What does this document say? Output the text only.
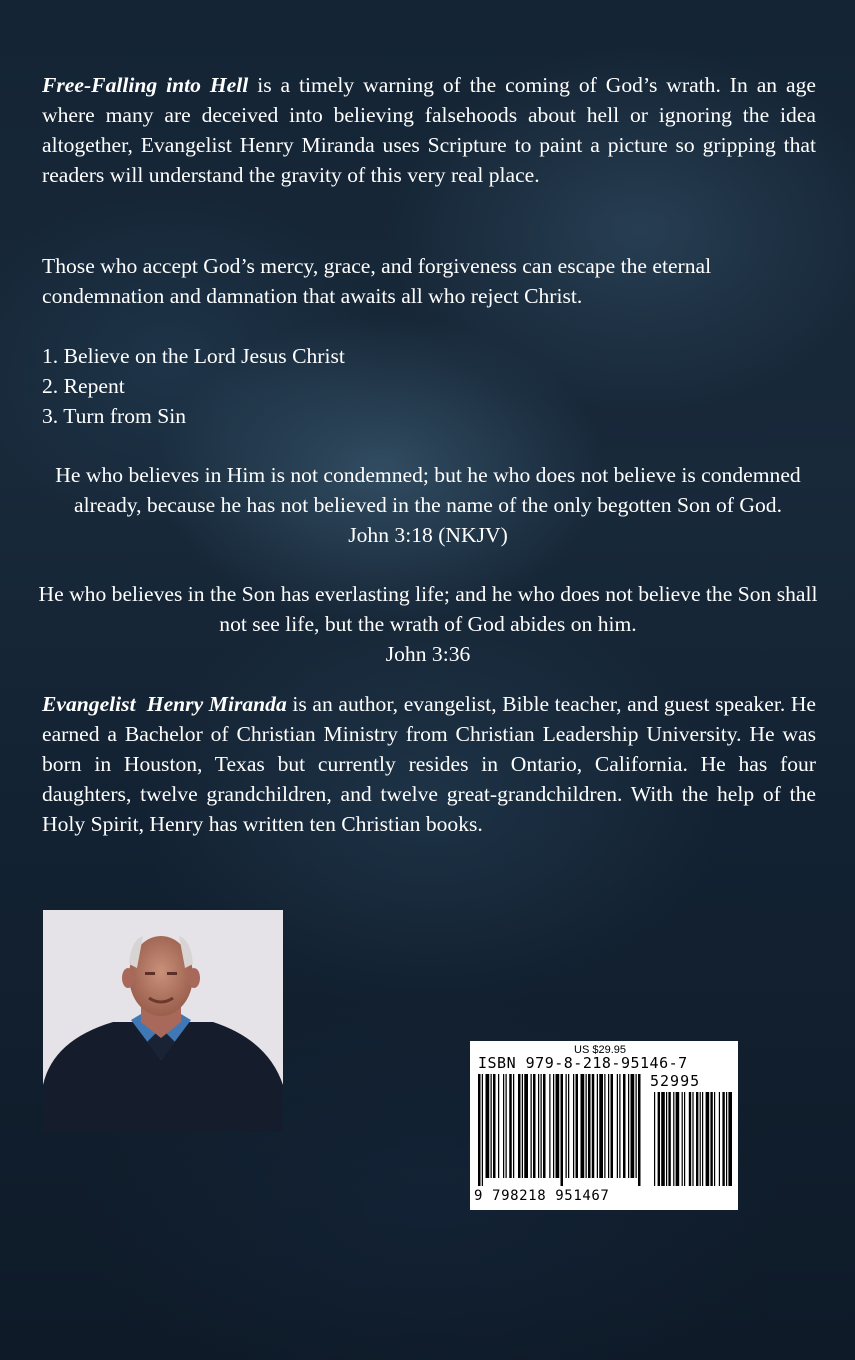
Free-Falling into Hell is a timely warning of the coming of God’s wrath. In an age where many are deceived into believing falsehoods about hell or ignoring the idea altogether, Evangelist Henry Miranda uses Scripture to paint a picture so gripping that readers will understand the gravity of this very real place.

Those who accept God’s mercy, grace, and forgiveness can escape the eternal condemnation and damnation that awaits all who reject Christ.

1. Believe on the Lord Jesus Christ
2. Repent
3. Turn from Sin

He who believes in Him is not condemned; but he who does not believe is condemned already, because he has not believed in the name of the only begotten Son of God.

John 3:18 (NKJV)

He who believes in the Son has everlasting life; and he who does not believe the Son shall not see life, but the wrath of God abides on him.

John 3:36

Evangelist  Henry Miranda is an author, evangelist, Bible teacher, and guest speaker. He earned a Bachelor of Christian Ministry from Christian Leadership University. He was born in Houston, Texas but currently resides in Ontario, California. He has four daughters, twelve grandchildren, and twelve great-grandchildren. With the help of the Holy Spirit, Henry has written ten Christian books.

US $29.95
ISBN 979-8-218-95146-7
52995
9 798218 951467
